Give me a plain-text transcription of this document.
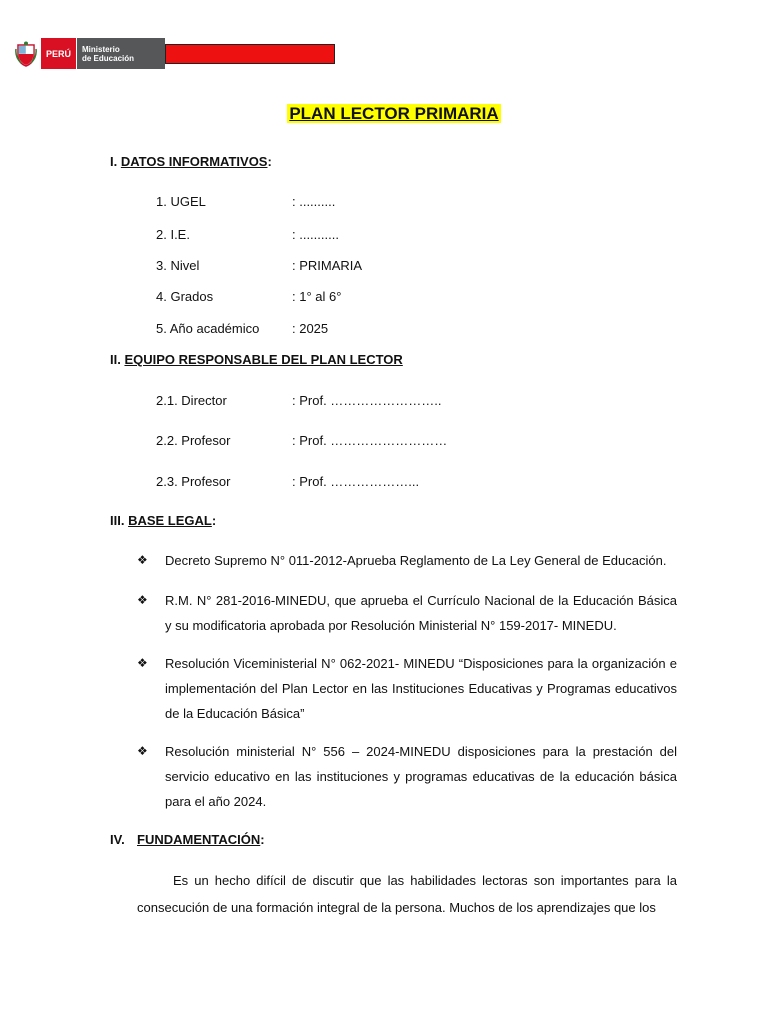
PERÚ	Ministerio
de Educación
PLAN LECTOR PRIMARIA
I. DATOS INFORMATIVOS:
1. UGEL	: ..........
2. I.E.	: ...........
3. Nivel	: PRIMARIA
4. Grados	: 1° al 6°
5. Año académico	: 2025
II. EQUIPO RESPONSABLE DEL PLAN LECTOR
2.1. Director	: Prof. ……………………..
2.2. Profesor	: Prof. ………………………
2.3. Profesor	: Prof. ………………...
III. BASE LEGAL:
❖	Decreto Supremo N° 011-2012-Aprueba Reglamento de La Ley General de Educación.
❖	R.M. N° 281-2016-MINEDU, que aprueba el Currículo Nacional de la Educación Básica y su modificatoria aprobada por Resolución Ministerial N° 159-2017- MINEDU.
❖	Resolución Viceministerial N° 062-2021- MINEDU “Disposiciones para la organización e implementación del Plan Lector en las Instituciones Educativas y Programas educativos de la Educación Básica”
❖	Resolución ministerial N° 556 – 2024-MINEDU disposiciones para la prestación del servicio educativo en las instituciones y programas educativas de la educación básica para el año 2024.
IV. FUNDAMENTACIÓN:
Es un hecho difícil de discutir que las habilidades lectoras son importantes para la consecución de una formación integral de la persona. Muchos de los aprendizajes que los
